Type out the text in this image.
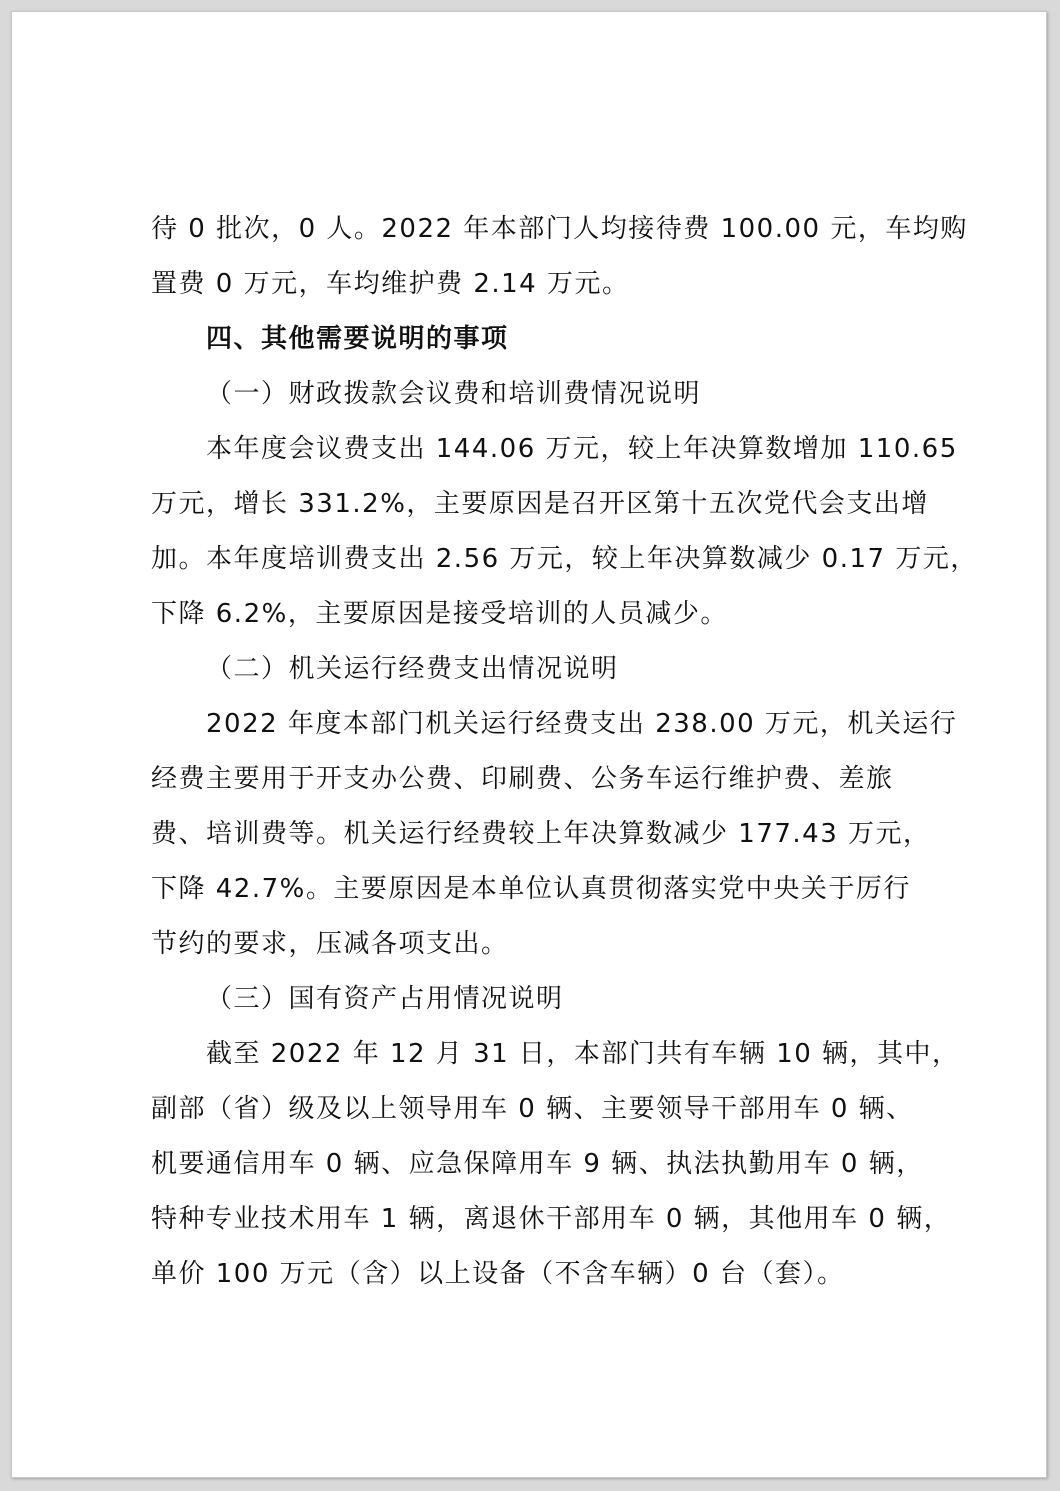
待 0 批次，0 人。2022 年本部门人均接待费 100.00 元，车均购
置费 0 万元，车均维护费 2.14 万元。
四、其他需要说明的事项
（一）财政拨款会议费和培训费情况说明
本年度会议费支出 144.06 万元，较上年决算数增加 110.65
万元，增长 331.2%，主要原因是召开区第十五次党代会支出增
加。本年度培训费支出 2.56 万元，较上年决算数减少 0.17 万元，
下降 6.2%，主要原因是接受培训的人员减少。
（二）机关运行经费支出情况说明
2022 年度本部门机关运行经费支出 238.00 万元，机关运行
经费主要用于开支办公费、印刷费、公务车运行维护费、差旅
费、培训费等。机关运行经费较上年决算数减少 177.43 万元，
下降 42.7%。主要原因是本单位认真贯彻落实党中央关于厉行
节约的要求，压减各项支出。
（三）国有资产占用情况说明
截至 2022 年 12 月 31 日，本部门共有车辆 10 辆，其中，
副部（省）级及以上领导用车 0 辆、主要领导干部用车 0 辆、
机要通信用车 0 辆、应急保障用车 9 辆、执法执勤用车 0 辆，
特种专业技术用车 1 辆，离退休干部用车 0 辆，其他用车 0 辆，
单价 100 万元（含）以上设备（不含车辆）0 台（套）。
